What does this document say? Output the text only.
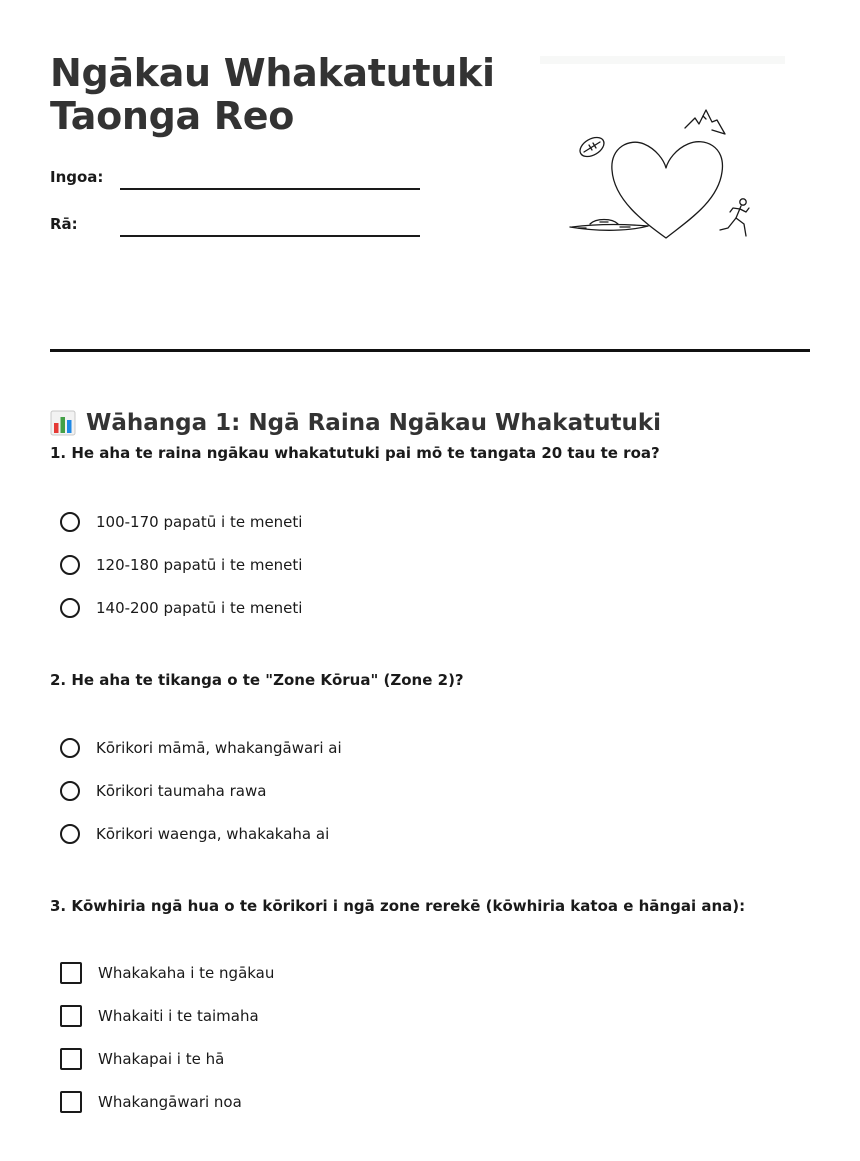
Ngākau Whakatutuki
Taonga Reo
Ingoa:
Rā:
Wāhanga 1: Ngā Raina Ngākau Whakatutuki
1. He aha te raina ngākau whakatutuki pai mō te tangata 20 tau te roa?
100-170 papatū i te meneti
120-180 papatū i te meneti
140-200 papatū i te meneti
2. He aha te tikanga o te "Zone Kōrua" (Zone 2)?
Kōrikori māmā, whakangāwari ai
Kōrikori taumaha rawa
Kōrikori waenga, whakakaha ai
3. Kōwhiria ngā hua o te kōrikori i ngā zone rerekē (kōwhiria katoa e hāngai ana):
Whakakaha i te ngākau
Whakaiti i te taimaha
Whakapai i te hā
Whakangāwari noa
